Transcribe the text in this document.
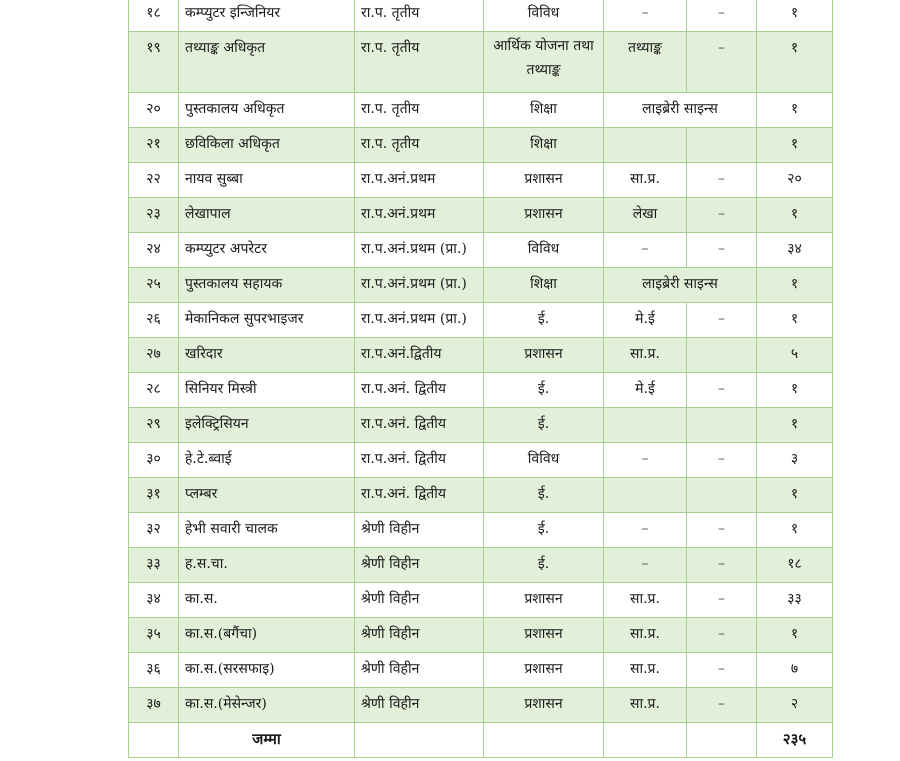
१८	कम्प्युटर इन्जिनियर	रा.प. तृतीय	विविध	–	–	१
१९	तथ्याङ्क अधिकृत	रा.प. तृतीय	आर्थिक योजना तथा तथ्याङ्क	तथ्याङ्क	–	१
२०	पुस्तकालय अधिकृत	रा.प. तृतीय	शिक्षा	लाइब्रेरी साइन्स		१
२१	छविकिला अधिकृत	रा.प. तृतीय	शिक्षा			१
२२	नायव सुब्बा	रा.प.अनं.प्रथम	प्रशासन	सा.प्र.	–	२०
२३	लेखापाल	रा.प.अनं.प्रथम	प्रशासन	लेखा	–	१
२४	कम्प्युटर अपरेटर	रा.प.अनं.प्रथम (प्रा.)	विविध	–	–	३४
२५	पुस्तकालय सहायक	रा.प.अनं.प्रथम (प्रा.)	शिक्षा	लाइब्रेरी साइन्स		१
२६	मेकानिकल सुपरभाइजर	रा.प.अनं.प्रथम (प्रा.)	ई.	मे.ई	–	१
२७	खरिदार	रा.प.अनं.द्वितीय	प्रशासन	सा.प्र.		५
२८	सिनियर मिस्त्री	रा.प.अनं. द्वितीय	ई.	मे.ई	–	१
२९	इलेक्ट्रिसियन	रा.प.अनं. द्वितीय	ई.			१
३०	हे.टे.ब्वाई	रा.प.अनं. द्वितीय	विविध	–	–	३
३१	प्लम्बर	रा.प.अनं. द्वितीय	ई.			१
३२	हेभी सवारी चालक	श्रेणी विहीन	ई.	–	–	१
३३	ह.स.चा.	श्रेणी विहीन	ई.	–	–	१८
३४	का.स.	श्रेणी विहीन	प्रशासन	सा.प्र.	–	३३
३५	का.स.(बगैंचा)	श्रेणी विहीन	प्रशासन	सा.प्र.	–	१
३६	का.स.(सरसफाइ)	श्रेणी विहीन	प्रशासन	सा.प्र.	–	७
३७	का.स.(मेसेन्जर)	श्रेणी विहीन	प्रशासन	सा.प्र.	–	२
	जम्मा					२३५
